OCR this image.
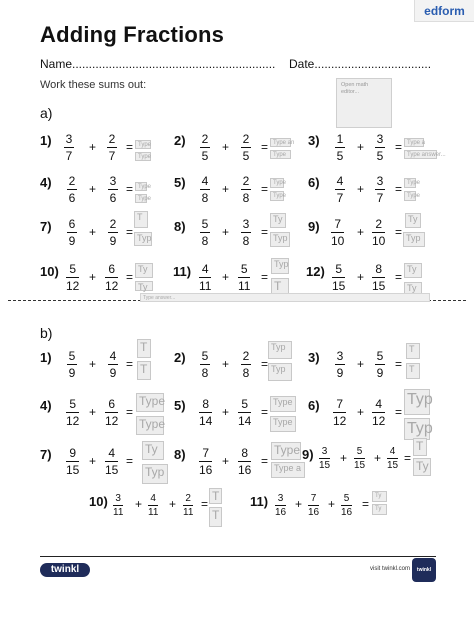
edform
Adding Fractions
Name............................................................. Date...................................
Work these sums out:	Open math editor...
a)
1) 3
7
+
2
7
= Type
Type
2) 2
5
+
2
5
= Type an
Type
3) 1
5
+
3
5
= Type a
Type answer...
4) 2
6
+
3
6
= Type
Type
5) 4
8
+
2
8
= Type
Type
6) 4
7
+
3
7
= Type
Type
7) 6
9
+
2
9
=
T
Typ
8) 5
8
+
3
8
=
Ty
Typ
9) 7
10
+
2
10
=
Ty
Typ
10) 5
12
+
6
12
=
Ty
Ty
11) 4
11
+
5
11
=
Typ
T
12) 5
15
+
8
15
=
Ty
Ty
Type answer...
b)
1) 5
9
+
4
9
=
T
T
2) 5
8
+
2
8
=
Typ
Typ
3) 3
9
+
5
9
=
T
T
4) 5
12
+
6
12
=
Type
Type
5) 8
14
+
5
14
=
Type
Type
6) 7
12
+
4
12
=
Typ
Typ
7) 9
15
+
4
15
=
Ty
Typ
8) 7
16
+
8
16
=
Type
Type a
9) 3
15
+ 5
15
+ 4
15
=
T
Ty
10) 3
11
+ 4
11
+ 2
11
=
T
T
11) 3
16
+ 7
16
+ 5
16
=
Ty
Ty
twinkl	visit twinkl.com	twinkl
